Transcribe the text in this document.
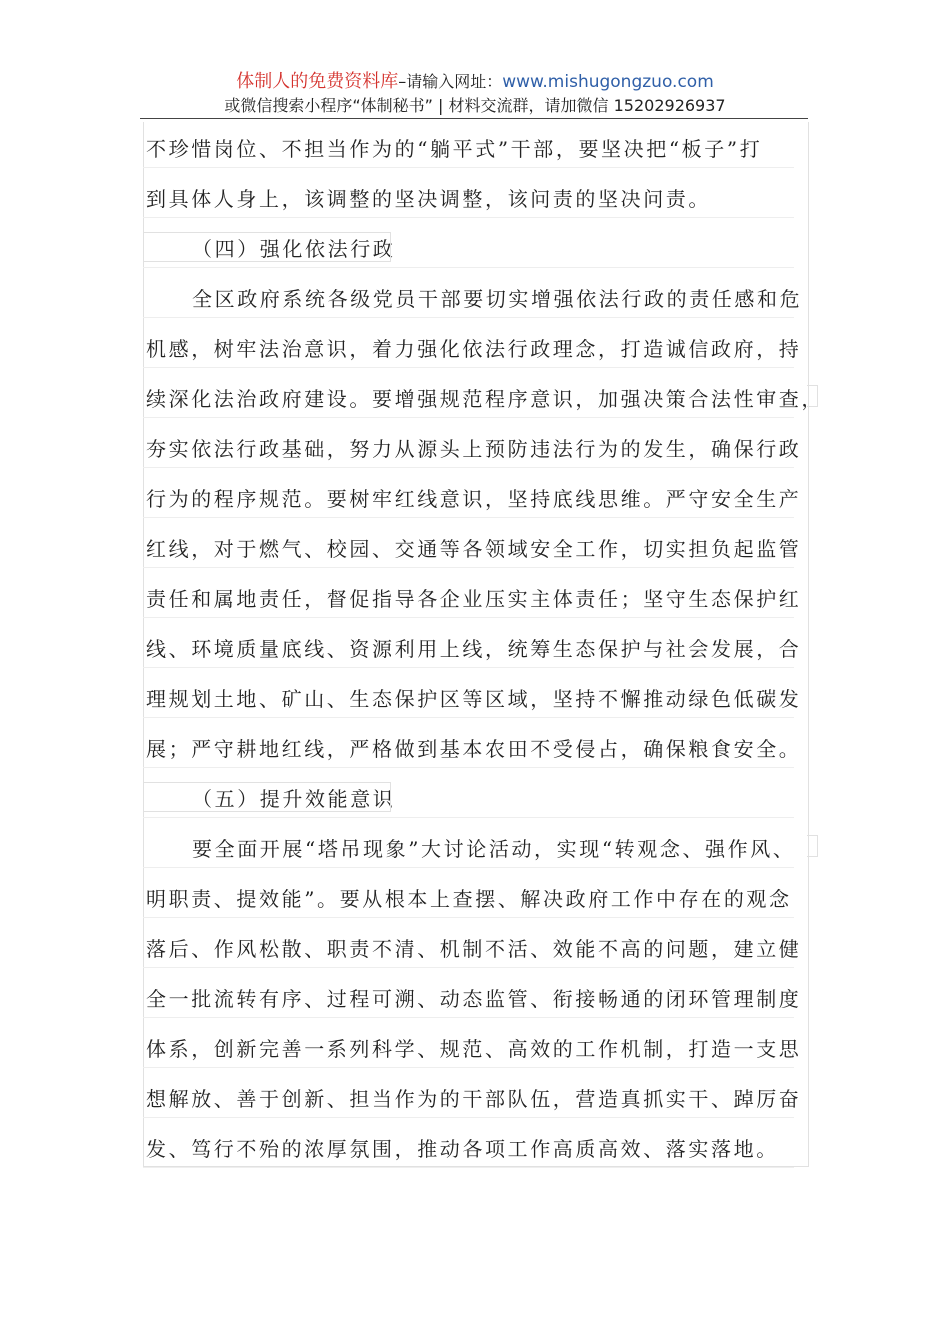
体制人的免费资料库–请输入网址：www.mishugongzuo.com
或微信搜索小程序“体制秘书” | 材料交流群，请加微信 15202926937
不珍惜岗位、不担当作为的“躺平式”干部，要坚决把“板子”打
到具体人身上，该调整的坚决调整，该问责的坚决问责。
（四）强化依法行政
全区政府系统各级党员干部要切实增强依法行政的责任感和危
机感，树牢法治意识，着力强化依法行政理念，打造诚信政府，持
续深化法治政府建设。要增强规范程序意识，加强决策合法性审查，
夯实依法行政基础，努力从源头上预防违法行为的发生，确保行政
行为的程序规范。要树牢红线意识，坚持底线思维。严守安全生产
红线，对于燃气、校园、交通等各领域安全工作，切实担负起监管
责任和属地责任，督促指导各企业压实主体责任；坚守生态保护红
线、环境质量底线、资源利用上线，统筹生态保护与社会发展，合
理规划土地、矿山、生态保护区等区域，坚持不懈推动绿色低碳发
展；严守耕地红线，严格做到基本农田不受侵占，确保粮食安全。
（五）提升效能意识
要全面开展“塔吊现象”大讨论活动，实现“转观念、强作风、
明职责、提效能”。要从根本上查摆、解决政府工作中存在的观念
落后、作风松散、职责不清、机制不活、效能不高的问题，建立健
全一批流转有序、过程可溯、动态监管、衔接畅通的闭环管理制度
体系，创新完善一系列科学、规范、高效的工作机制，打造一支思
想解放、善于创新、担当作为的干部队伍，营造真抓实干、踔厉奋
发、笃行不殆的浓厚氛围，推动各项工作高质高效、落实落地。
